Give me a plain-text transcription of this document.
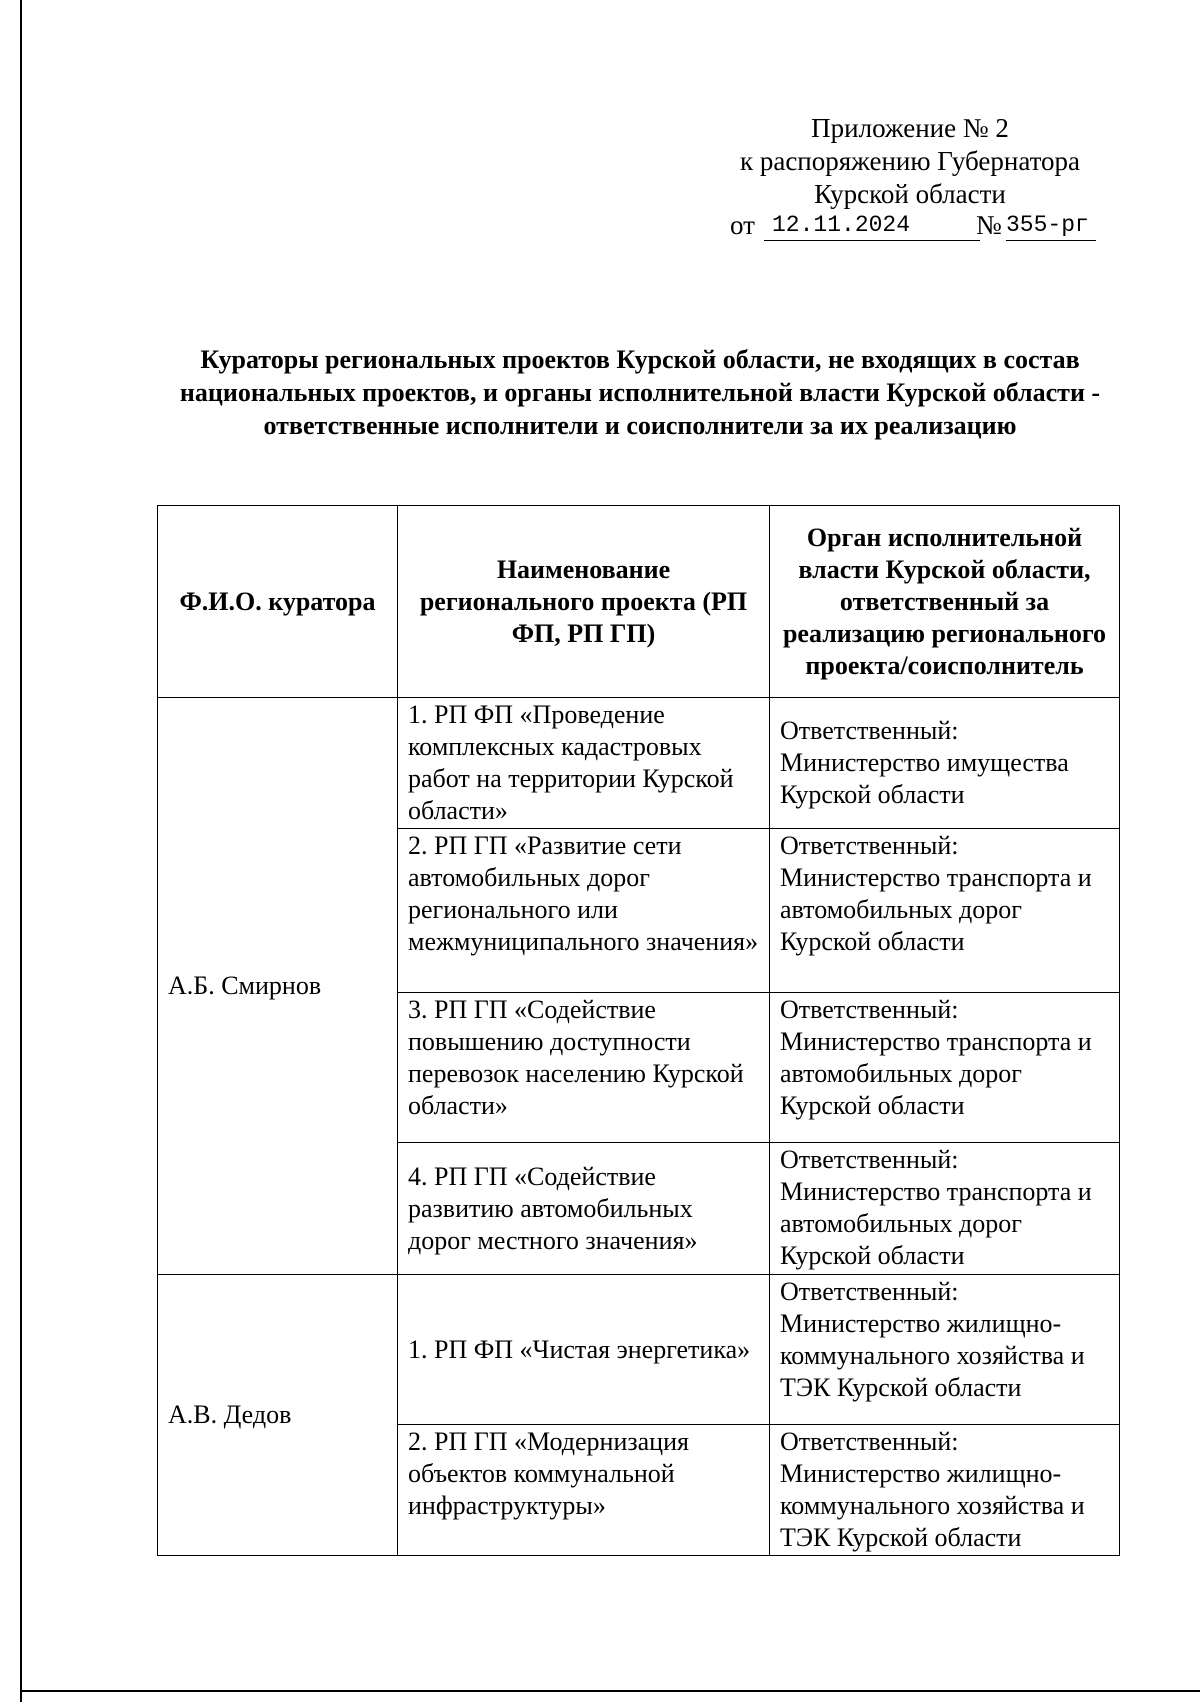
Приложение № 2
к распоряжению Губернатора
Курской области
от 12.11.2024	№ 355-рг
Кураторы региональных проектов Курской области, не входящих в состав национальных проектов, и органы исполнительной власти Курской области - ответственные исполнители и соисполнители за их реализацию
Ф.И.О. куратора	Наименование регионального проекта (РП ФП, РП ГП)	Орган исполнительной власти Курской области, ответственный за реализацию регионального проекта/соисполнитель
А.Б. Смирнов	1. РП ФП «Проведение комплексных кадастровых работ на территории Курской области»	Ответственный:
Министерство имущества Курской области

	2. РП ГП «Развитие сети автомобильных дорог регионального или межмуниципального значения»	Ответственный:
Министерство транспорта и автомобильных дорог Курской области

	3. РП ГП «Содействие повышению доступности перевозок населению Курской области»	Ответственный:
Министерство транспорта и автомобильных дорог Курской области

	4. РП ГП «Содействие развитию автомобильных дорог местного значения»	Ответственный:
Министерство транспорта и автомобильных дорог Курской области

А.В. Дедов	1. РП ФП «Чистая энергетика»	Ответственный:
Министерство жилищно-коммунального хозяйства и ТЭК Курской области

	2. РП ГП «Модернизация объектов коммунальной инфраструктуры»	Ответственный:
Министерство жилищно-коммунального хозяйства и ТЭК Курской области
